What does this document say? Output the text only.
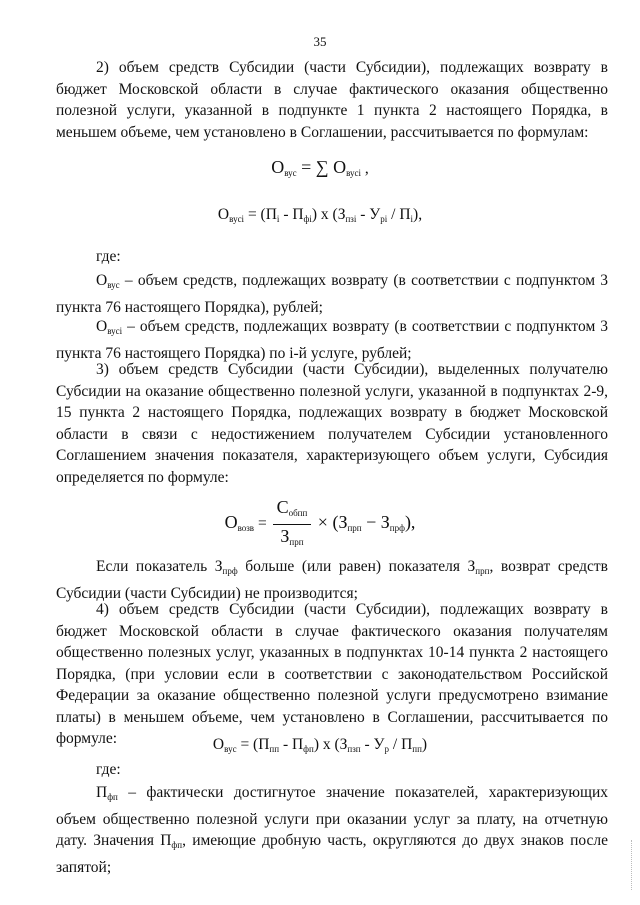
35

2) объем средств Субсидии (части Субсидии), подлежащих возврату в бюджет Московской области в случае фактического оказания общественно полезной услуги, указанной в подпункте 1 пункта 2 настоящего Порядка, в меньшем объеме, чем установлено в Соглашении, рассчитывается по формулам:

$О_{вус}$ = ∑ $О_{вусi}$ ,
$О_{вусi} = (П_i - П_{фi})$ x $(З_{пзi} - У_{pi} / П_i)$,
где:

$О_{вус}$ – объем средств, подлежащих возврату (в соответствии с подпунктом 3 пункта 76 настоящего Порядка), рублей;

$О_{вусi}$ – объем средств, подлежащих возврату (в соответствии с подпунктом 3 пункта 76 настоящего Порядка) по i-й услуге, рублей;

3) объем средств Субсидии (части Субсидии), выделенных получателю Субсидии на оказание общественно полезной услуги, указанной в подпунктах 2-9, 15 пункта 2 настоящего Порядка, подлежащих возврату в бюджет Московской области в связи с недостижением получателем Субсидии установленного Соглашением значения показателя, характеризующего объем услуги, Субсидия определяется по формуле:

$О_{возв} = \frac{С_{обпп}}{З_{прп}} \times (З_{прп} - З_{прф})$,

Если показатель $З_{прф}$ больше (или равен) показателя $З_{прп}$, возврат средств Субсидии (части Субсидии) не производится;

4) объем средств Субсидии (части Субсидии), подлежащих возврату в бюджет Московской области в случае фактического оказания получателям общественно полезных услуг, указанных в подпунктах 10-14 пункта 2 настоящего Порядка, (при условии если в соответствии с законодательством Российской Федерации за оказание общественно полезной услуги предусмотрено взимание платы) в меньшем объеме, чем установлено в Соглашении, рассчитывается по формуле:	$О_{вус} = (П_{пп} - П_{фп})$ x $(З_{пзп} - У_р / П_{пп})$
где:

$П_{фп}$ – фактически достигнутое значение показателей, характеризующих объем общественно полезной услуги при оказании услуг за плату, на отчетную дату. Значения $П_{фп}$, имеющие дробную часть, округляются до двух знаков после запятой;
